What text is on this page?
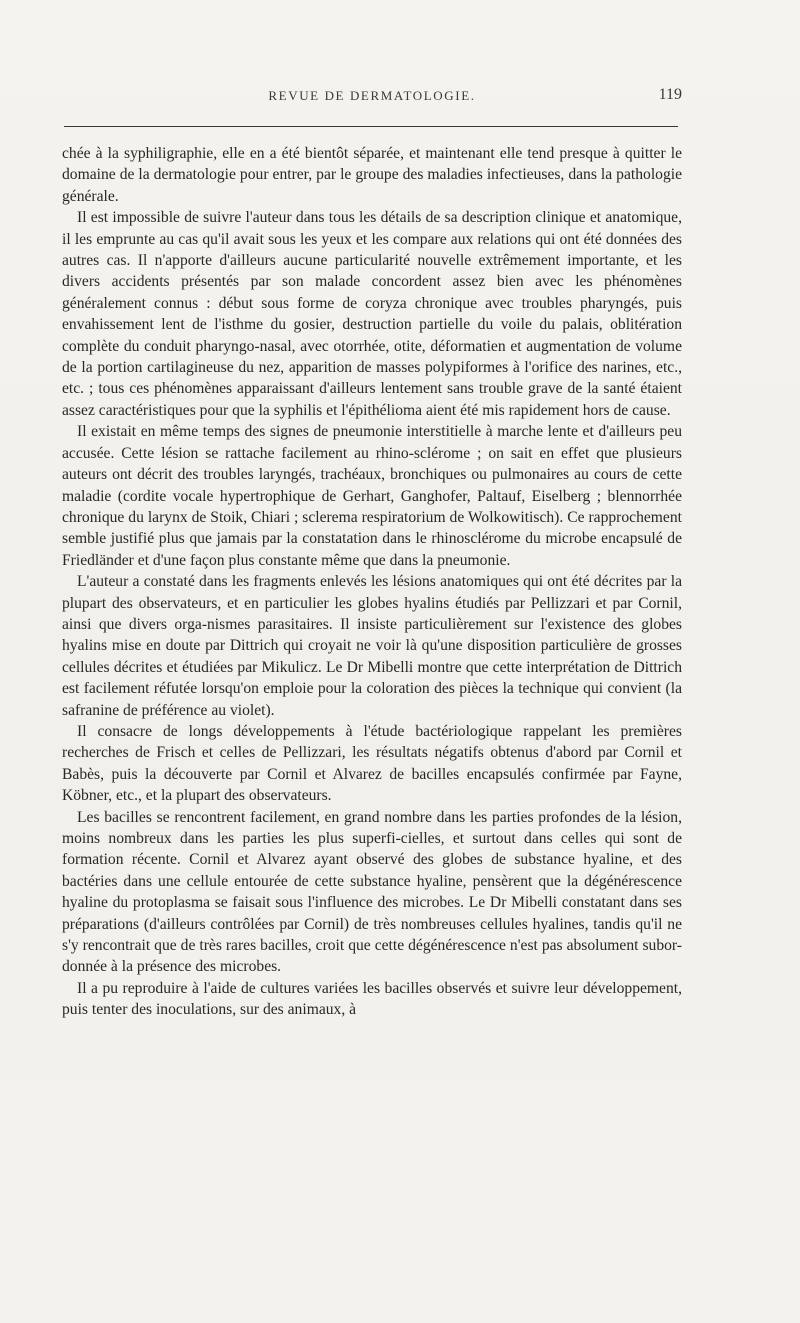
REVUE DE DERMATOLOGIE.	119

chée à la syphiligraphie, elle en a été bientôt séparée, et maintenant elle tend presque à quitter le domaine de la dermatologie pour entrer, par le groupe des maladies infectieuses, dans la pathologie générale.

Il est impossible de suivre l'auteur dans tous les détails de sa description clinique et anatomique, il les emprunte au cas qu'il avait sous les yeux et les compare aux relations qui ont été données des autres cas. Il n'apporte d'ailleurs aucune particularité nouvelle extrêmement importante, et les divers accidents présentés par son malade concordent assez bien avec les phénomènes généralement connus : début sous forme de coryza chronique avec troubles pharyngés, puis envahissement lent de l'isthme du gosier, destruction partielle du voile du palais, oblitération complète du conduit pharyngo-nasal, avec otorrhée, otite, déformatien et augmentation de volume de la portion cartilagineuse du nez, apparition de masses polypiformes à l'orifice des narines, etc., etc. ; tous ces phénomènes apparaissant d'ailleurs lentement sans trouble grave de la santé étaient assez caractéristiques pour que la syphilis et l'épithélioma aient été mis rapidement hors de cause.

Il existait en même temps des signes de pneumonie interstitielle à marche lente et d'ailleurs peu accusée. Cette lésion se rattache facilement au rhino-sclérome ; on sait en effet que plusieurs auteurs ont décrit des troubles laryngés, trachéaux, bronchiques ou pulmonaires au cours de cette maladie (cordite vocale hypertrophique de Gerhart, Ganghofer, Paltauf, Eiselberg ; blennorrhée chronique du larynx de Stoik, Chiari ; sclerema respiratorium de Wolkowitisch). Ce rapprochement semble justifié plus que jamais par la constatation dans le rhinosclérome du microbe encapsulé de Friedländer et d'une façon plus constante même que dans la pneumonie.

L'auteur a constaté dans les fragments enlevés les lésions anatomiques qui ont été décrites par la plupart des observateurs, et en particulier les globes hyalins étudiés par Pellizzari et par Cornil, ainsi que divers orga-nismes parasitaires. Il insiste particulièrement sur l'existence des globes hyalins mise en doute par Dittrich qui croyait ne voir là qu'une disposition particulière de grosses cellules décrites et étudiées par Mikulicz. Le Dr Mibelli montre que cette interprétation de Dittrich est facilement réfutée lorsqu'on emploie pour la coloration des pièces la technique qui convient (la safranine de préférence au violet).

Il consacre de longs développements à l'étude bactériologique rappelant les premières recherches de Frisch et celles de Pellizzari, les résultats négatifs obtenus d'abord par Cornil et Babès, puis la découverte par Cornil et Alvarez de bacilles encapsulés confirmée par Fayne, Köbner, etc., et la plupart des observateurs.

Les bacilles se rencontrent facilement, en grand nombre dans les parties profondes de la lésion, moins nombreux dans les parties les plus superfi-cielles, et surtout dans celles qui sont de formation récente. Cornil et Alvarez ayant observé des globes de substance hyaline, et des bactéries dans une cellule entourée de cette substance hyaline, pensèrent que la dégénérescence hyaline du protoplasma se faisait sous l'influence des microbes. Le Dr Mibelli constatant dans ses préparations (d'ailleurs contrôlées par Cornil) de très nombreuses cellules hyalines, tandis qu'il ne s'y rencontrait que de très rares bacilles, croit que cette dégénérescence n'est pas absolument subor-donnée à la présence des microbes.

Il a pu reproduire à l'aide de cultures variées les bacilles observés et suivre leur développement, puis tenter des inoculations, sur des animaux, à
